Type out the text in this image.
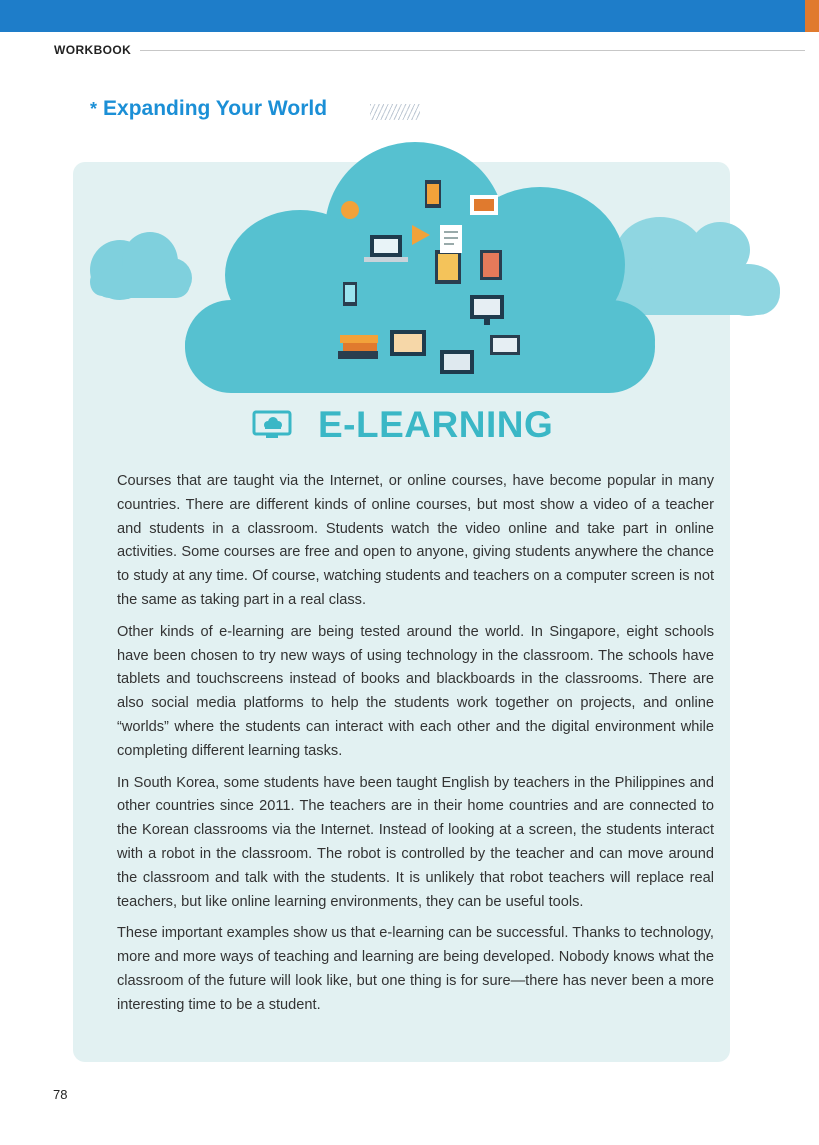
WORKBOOK
* Expanding Your World
E-LEARNING

Courses that are taught via the Internet, or online courses, have become popular in many countries. There are different kinds of online courses, but most show a video of a teacher and students in a classroom. Students watch the video online and take part in online activities. Some courses are free and open to anyone, giving students anywhere the chance to study at any time. Of course, watching students and teachers on a computer screen is not the same as taking part in a real class.

Other kinds of e-learning are being tested around the world. In Singapore, eight schools have been chosen to try new ways of using technology in the classroom. The schools have tablets and touchscreens instead of books and blackboards in the classrooms. There are also social media platforms to help the students work together on projects, and online “worlds” where the students can interact with each other and the digital environment while completing different learning tasks.

In South Korea, some students have been taught English by teachers in the Philippines and other countries since 2011. The teachers are in their home countries and are connected to the Korean classrooms via the Internet. Instead of looking at a screen, the students interact with a robot in the classroom. The robot is controlled by the teacher and can move around the classroom and talk with the students. It is unlikely that robot teachers will replace real teachers, but like online learning environments, they can be useful tools.

These important examples show us that e-learning can be successful. Thanks to technology, more and more ways of teaching and learning are being developed. Nobody knows what the classroom of the future will look like, but one thing is for sure—there has never been a more interesting time to be a student.

78
